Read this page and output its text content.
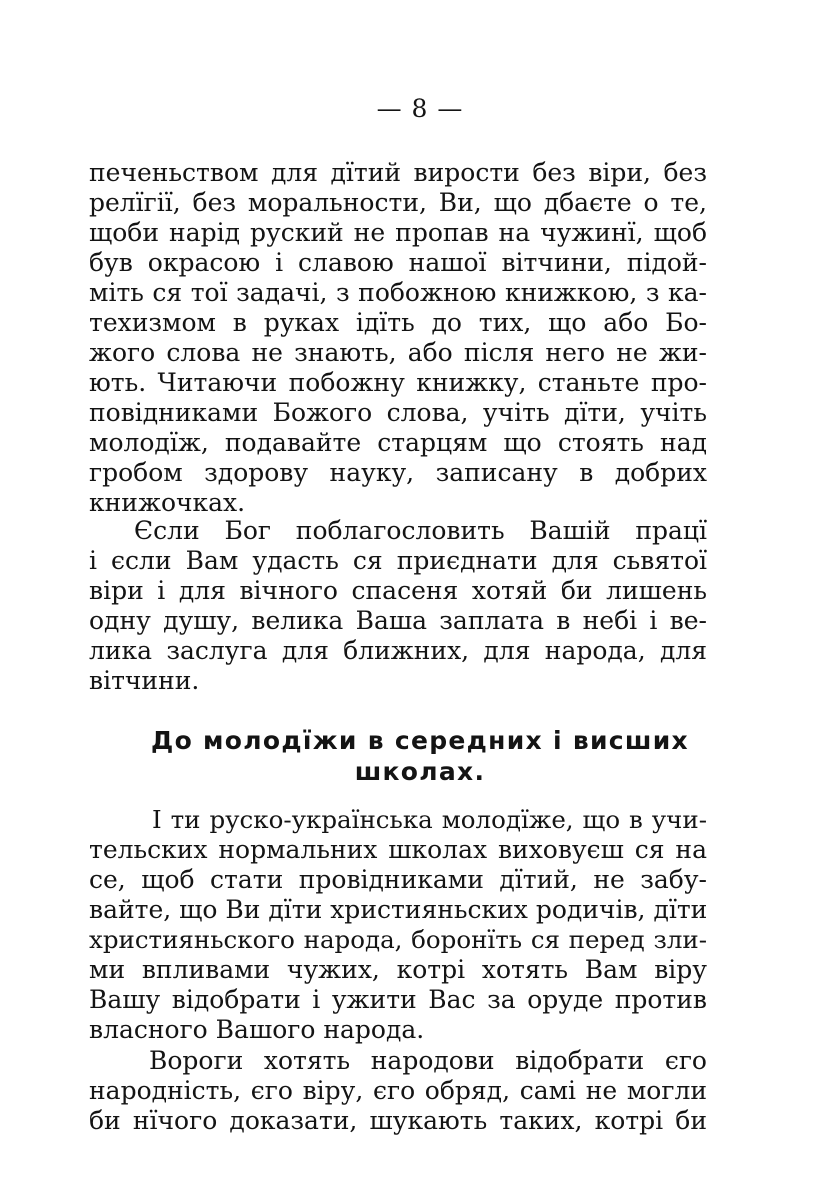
— 8 —
печеньством для дїтий вирости без віри, без
релїгії, без моральности, Ви, що дбаєте о те,
щоби нарід руский не пропав на чужинї, щоб
був окрасою і славою нашої вітчини, підой-
міть ся тої задачі, з побожною книжкою, з ка-
техизмом в руках ідїть до тих, що або Бо-
жого слова не знають, або після него не жи-
ють. Читаючи побожну книжку, станьте про-
повідниками Божого слова, учіть дїти, учіть
молодїж, подавайте старцям що стоять над
гробом здорову науку, записану в добрих
книжочках.
Єсли Бог поблагословить Вашій працї
і єсли Вам удасть ся приєднати для сьвятої
віри і для вічного спасеня хотяй би лишень
одну душу, велика Ваша заплата в небі і ве-
лика заслуга для ближних, для народа, для
вітчини.
До молодїжи в середних і висших
школах.
І ти руско-українська молодїже, що в учи-
тельских нормальних школах виховуєш ся на
се, щоб стати провідниками дїтий, не забу-
вайте, що Ви дїти християньских родичів, дїти
християньского народа, боронїть ся перед зли-
ми впливами чужих, котрі хотять Вам віру
Вашу відобрати і ужити Вас за оруде против
власного Вашого народа.
Вороги хотять народови відобрати єго
народність, єго віру, єго обряд, самі не могли
би нїчого доказати, шукають таких, котрі би
